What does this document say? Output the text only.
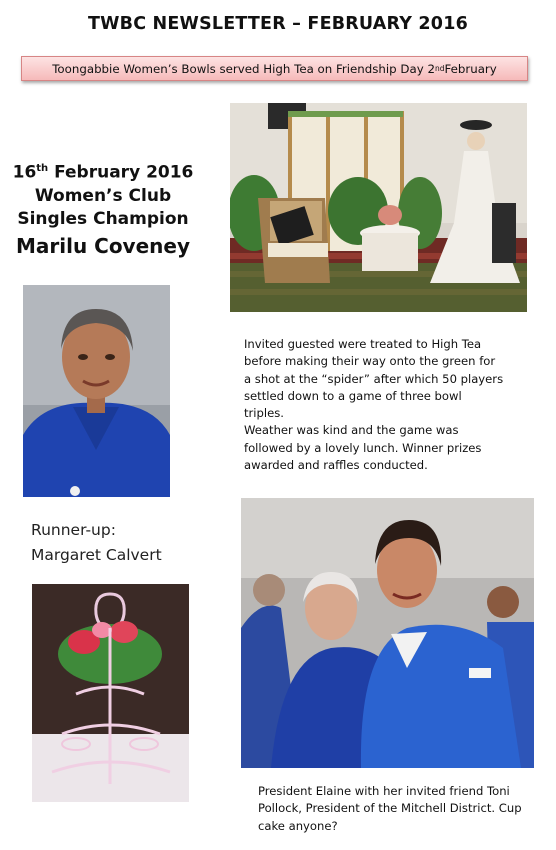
TWBC NEWSLETTER – FEBRUARY 2016
Toongabbie Women’s Bowls served High Tea on Friendship Day 2 nd February
16th February 2016
Women’s Club
Singles Champion
Marilu Coveney
Runner-up:
Margaret Calvert

Invited guested were treated to High Tea

before making their way onto the green for

a shot at the “spider” after which 50 players

settled down to a game of three bowl

triples.

Weather was kind and the game was

followed by a lovely lunch. Winner prizes

awarded and raffles conducted.

President Elaine with her invited friend Toni

Pollock, President of the Mitchell District. Cup

cake anyone?
